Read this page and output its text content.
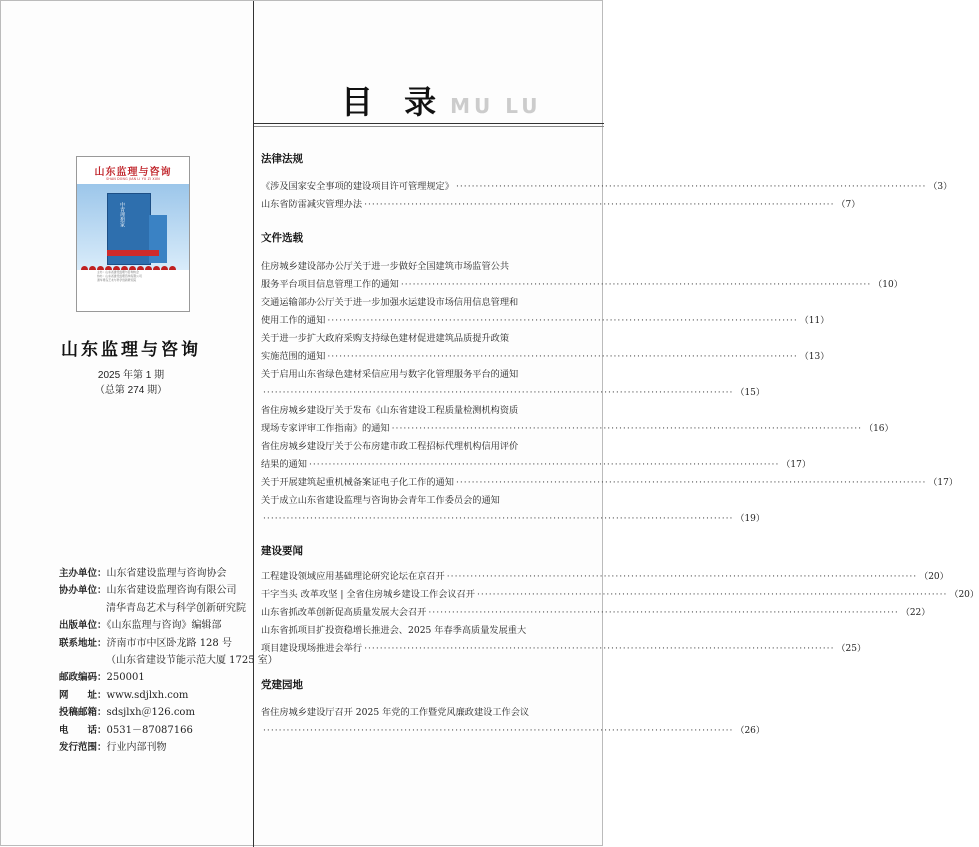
山东监理与咨询
SHAN DONG JIAN LI YU ZI XUN
中青理想家
主办：山东省建设监理与咨询协会
协办：山东省建设监理咨询有限公司
清华青岛艺术与科学创新研究院
山东监理与咨询
2025 年第 1 期
（总第 274 期）
主办单位：山东省建设监理与咨询协会
协办单位：山东省建设监理咨询有限公司
清华青岛艺术与科学创新研究院
出版单位：《山东监理与咨询》编辑部
联系地址：济南市市中区卧龙路 128 号
（山东省建设节能示范大厦 1725 室）
邮政编码：250001
网　　址：www.sdjlxh.com
投稿邮箱：sdsjlxh＠126.com
电　　话：0531－87087166
发行范围：行业内部刊物
目 录 MU LU
法律法规
《涉及国家安全事项的建设项目许可管理规定》 ························································································································ （3）
山东省防雷减灾管理办法 ························································································································ （7）
文件选载
住房城乡建设部办公厅关于进一步做好全国建筑市场监管公共
服务平台项目信息管理工作的通知 ························································································································ （10）
交通运输部办公厅关于进一步加强水运建设市场信用信息管理和
使用工作的通知 ························································································································ （11）
关于进一步扩大政府采购支持绿色建材促进建筑品质提升政策
实施范围的通知 ························································································································ （13）
关于启用山东省绿色建材采信应用与数字化管理服务平台的通知
························································································································ （15）
省住房城乡建设厅关于发布《山东省建设工程质量检测机构资质
现场专家评审工作指南》的通知 ························································································································ （16）
省住房城乡建设厅关于公布房建市政工程招标代理机构信用评价
结果的通知 ························································································································ （17）
关于开展建筑起重机械备案证电子化工作的通知 ························································································································ （17）
关于成立山东省建设监理与咨询协会青年工作委员会的通知
························································································································ （19）
建设要闻
工程建设领域应用基础理论研究论坛在京召开 ························································································································ （20）
干字当头 改革攻坚 | 全省住房城乡建设工作会议召开 ························································································································ （20）
山东省抓改革创新促高质量发展大会召开 ························································································································ （22）
山东省抓项目扩投资稳增长推进会、2025 年春季高质量发展重大
项目建设现场推进会举行 ························································································································ （25）
党建园地
省住房城乡建设厅召开 2025 年党的工作暨党风廉政建设工作会议
························································································································ （26）
